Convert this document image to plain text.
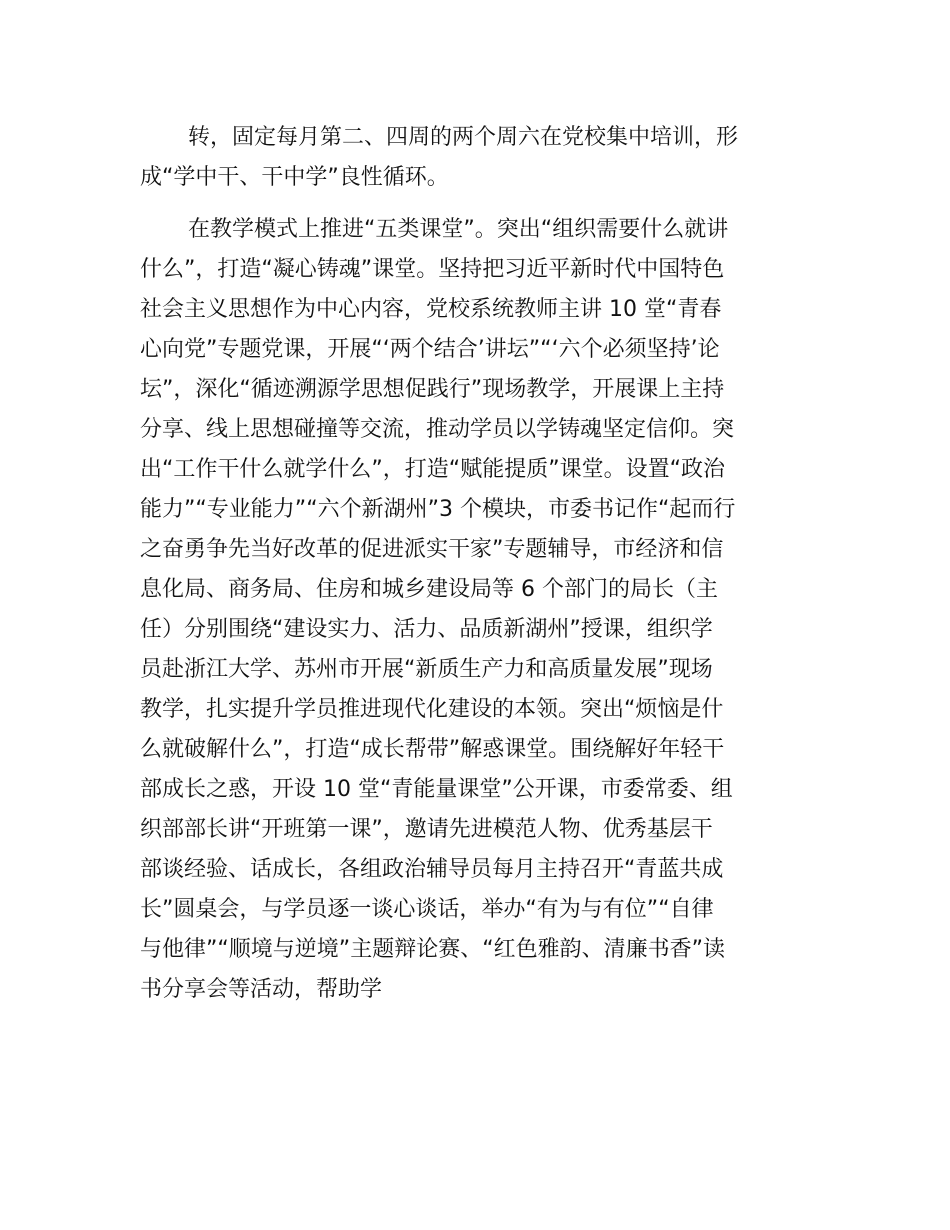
转，固定每月第二、四周的两个周六在党校集中培训，形
成“学中干、干中学”良性循环。
在教学模式上推进“五类课堂”。突出“组织需要什么就讲
什么”，打造“凝心铸魂”课堂。坚持把习近平新时代中国特色
社会主义思想作为中心内容，党校系统教师主讲 10 堂“青春
心向党”专题党课，开展“‘两个结合’讲坛”“‘六个必须坚持’论
坛”，深化“循迹溯源学思想促践行”现场教学，开展课上主持
分享、线上思想碰撞等交流，推动学员以学铸魂坚定信仰。突
出“工作干什么就学什么”，打造“赋能提质”课堂。设置“政治
能力”“专业能力”“六个新湖州”3 个模块，市委书记作“起而行
之奋勇争先当好改革的促进派实干家”专题辅导，市经济和信
息化局、商务局、住房和城乡建设局等 6 个部门的局长（主
任）分别围绕“建设实力、活力、品质新湖州”授课，组织学
员赴浙江大学、苏州市开展“新质生产力和高质量发展”现场
教学，扎实提升学员推进现代化建设的本领。突出“烦恼是什
么就破解什么”，打造“成长帮带”解惑课堂。围绕解好年轻干
部成长之惑，开设 10 堂“青能量课堂”公开课，市委常委、组
织部部长讲“开班第一课”，邀请先进模范人物、优秀基层干
部谈经验、话成长，各组政治辅导员每月主持召开“青蓝共成
长”圆桌会，与学员逐一谈心谈话，举办“有为与有位”“自律
与他律”“顺境与逆境”主题辩论赛、“红色雅韵、清廉书香”读
书分享会等活动，帮助学
